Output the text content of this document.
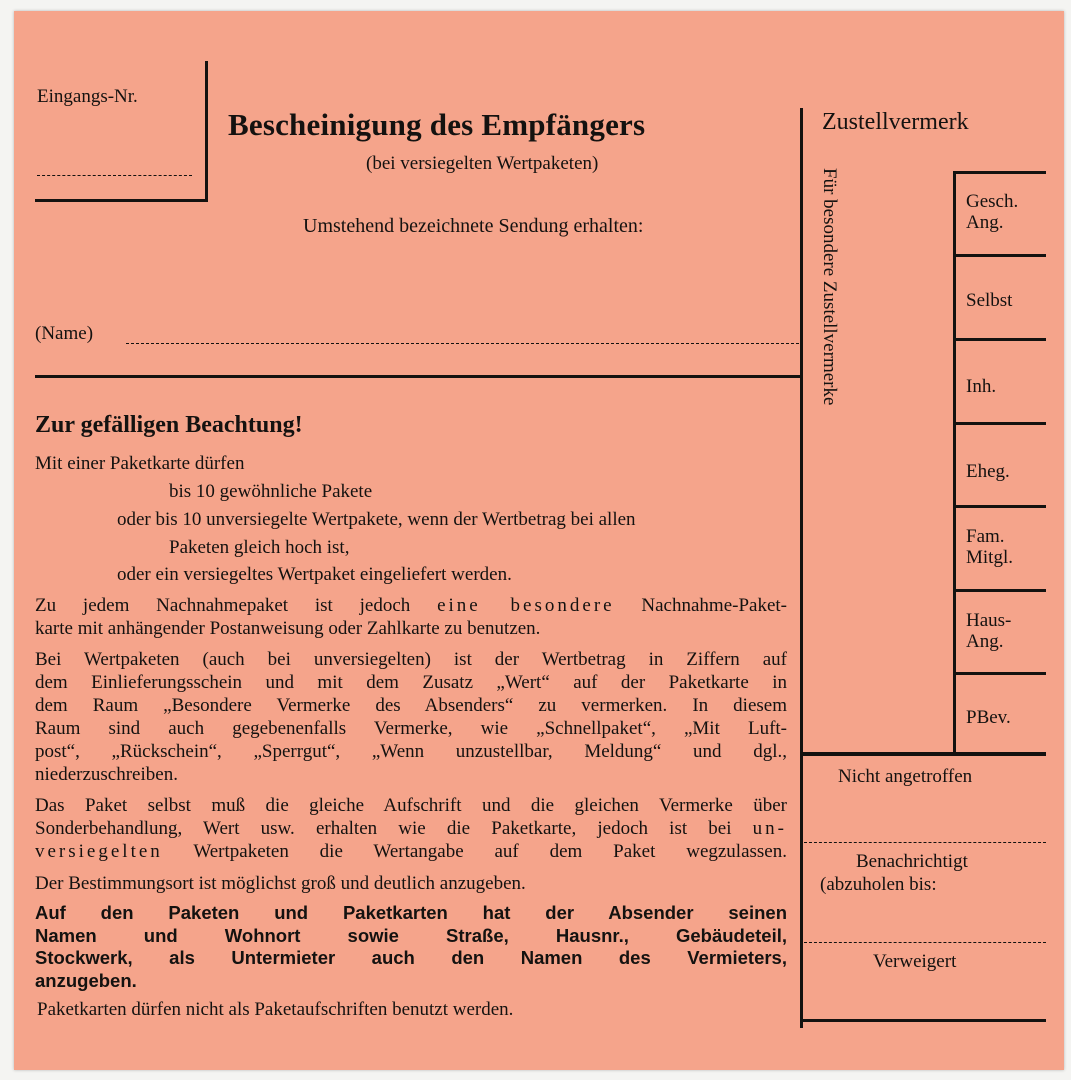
Eingangs-Nr.
Bescheinigung des Empfängers
(bei versiegelten Wertpaketen)
Umstehend bezeichnete Sendung erhalten:
(Name)
Zur gefälligen Beachtung!
Mit einer Paketkarte dürfen
bis 10 gewöhnliche Pakete
oder bis 10 unversiegelte Wertpakete, wenn der Wertbetrag bei allen
Paketen gleich hoch ist,
oder ein versiegeltes Wertpaket eingeliefert werden.
Zu jedem Nachnahmepaket ist jedoch eine besondere Nachnahme-Paket-
karte mit anhängender Postanweisung oder Zahlkarte zu benutzen.
Bei Wertpaketen (auch bei unversiegelten) ist der Wertbetrag in Ziffern auf
dem Einlieferungsschein und mit dem Zusatz „Wert“ auf der Paketkarte in
dem Raum „Besondere Vermerke des Absenders“ zu vermerken. In diesem
Raum sind auch gegebenenfalls Vermerke, wie „Schnellpaket“, „Mit Luft-
post“, „Rückschein“, „Sperrgut“, „Wenn unzustellbar, Meldung“ und dgl.,
niederzuschreiben.
Das Paket selbst muß die gleiche Aufschrift und die gleichen Vermerke über
Sonderbehandlung, Wert usw. erhalten wie die Paketkarte, jedoch ist bei un-
versiegelten Wertpaketen die Wertangabe auf dem Paket wegzulassen.
Der Bestimmungsort ist möglichst groß und deutlich anzugeben.
Auf den Paketen und Paketkarten hat der Absender seinen
Namen und Wohnort sowie Straße, Hausnr., Gebäudeteil,
Stockwerk, als Untermieter auch den Namen des Vermieters,
anzugeben.
Paketkarten dürfen nicht als Paketaufschriften benutzt werden.
Zustellvermerk
Für besondere Zustellvermerke	Gesch.
Ang.
Selbst
Inh.
Eheg.
Fam.
Mitgl.
Haus-
Ang.
PBev.
Nicht angetroffen
Benachrichtigt
(abzuholen bis:
Verweigert
